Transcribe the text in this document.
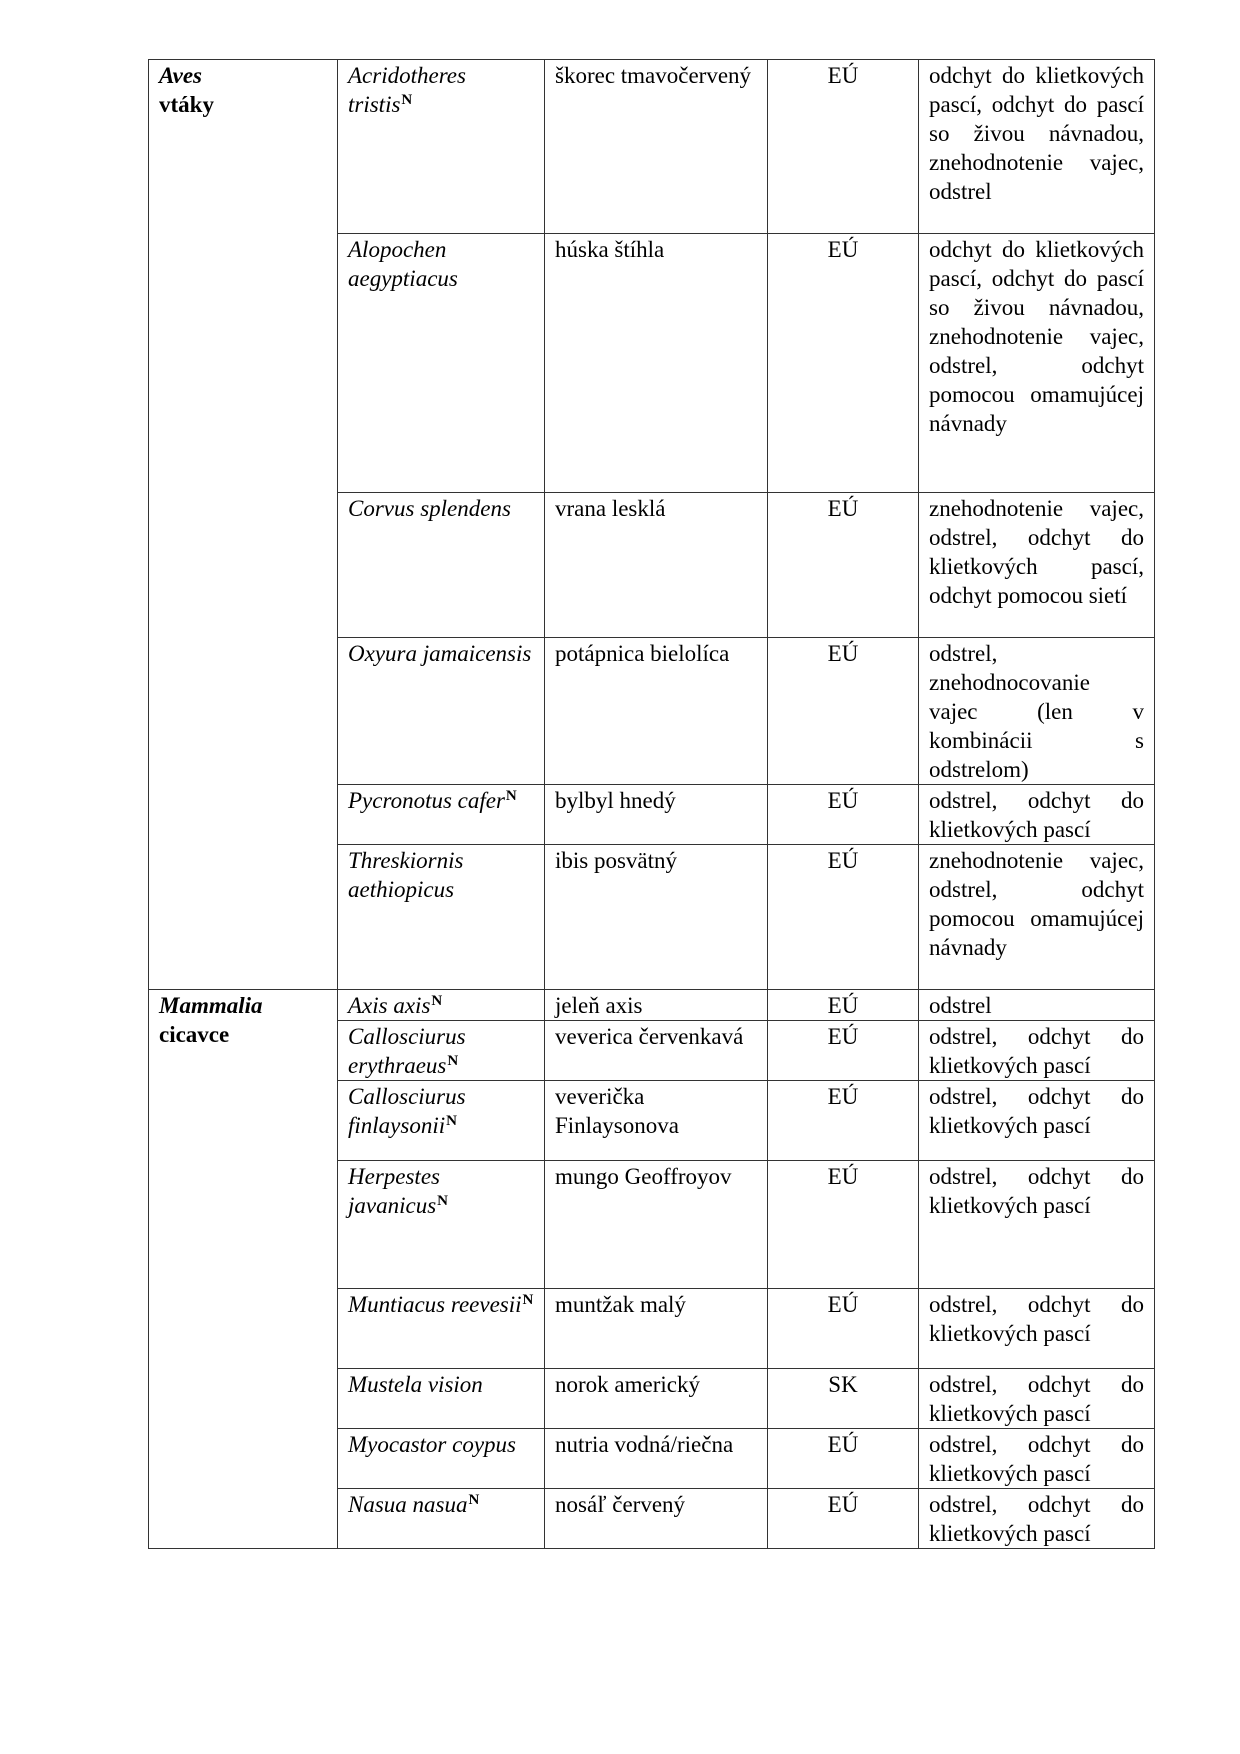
Aves
vtáky	Acridotheres tristis$^N$	škorec tmavočervený	EÚ	odchyt do klietkových pascí, odchyt do pascí so živou návnadou, znehodnotenie vajec, odstrel
	Alopochen aegyptiacus	húska štíhla	EÚ	odchyt do klietkových pascí, odchyt do pascí so živou návnadou, znehodnotenie vajec, odstrel, odchyt pomocou omamujúcej návnady
	Corvus splendens	vrana lesklá	EÚ	znehodnotenie vajec, odstrel, odchyt do klietkových pascí, odchyt pomocou sietí
	Oxyura jamaicensis	potápnica bielolíca	EÚ	odstrel, znehodnocovanie vajec (len v kombinácii s odstrelom)
	Pycronotus cafer$^N$	bylbyl hnedý	EÚ	odstrel, odchyt do klietkových pascí
	Threskiornis aethiopicus	ibis posvätný	EÚ	znehodnotenie vajec, odstrel, odchyt pomocou omamujúcej návnady

Mammalia
cicavce	Axis axis$^N$	jeleň axis	EÚ	odstrel
	Callosciurus erythraeus$^N$	veverica červenkavá	EÚ	odstrel, odchyt do klietkových pascí
	Callosciurus finlaysonii$^N$	veverička Finlaysonova	EÚ	odstrel, odchyt do klietkových pascí
	Herpestes javanicus$^N$	mungo Geoffroyov	EÚ	odstrel, odchyt do klietkových pascí
	Muntiacus reevesii$^N$	muntžak malý	EÚ	odstrel, odchyt do klietkových pascí
	Mustela vision	norok americký	SK	odstrel, odchyt do klietkových pascí
	Myocastor coypus	nutria vodná/riečna	EÚ	odstrel, odchyt do klietkových pascí
	Nasua nasua$^N$	nosáľ červený	EÚ	odstrel, odchyt do klietkových pascí
